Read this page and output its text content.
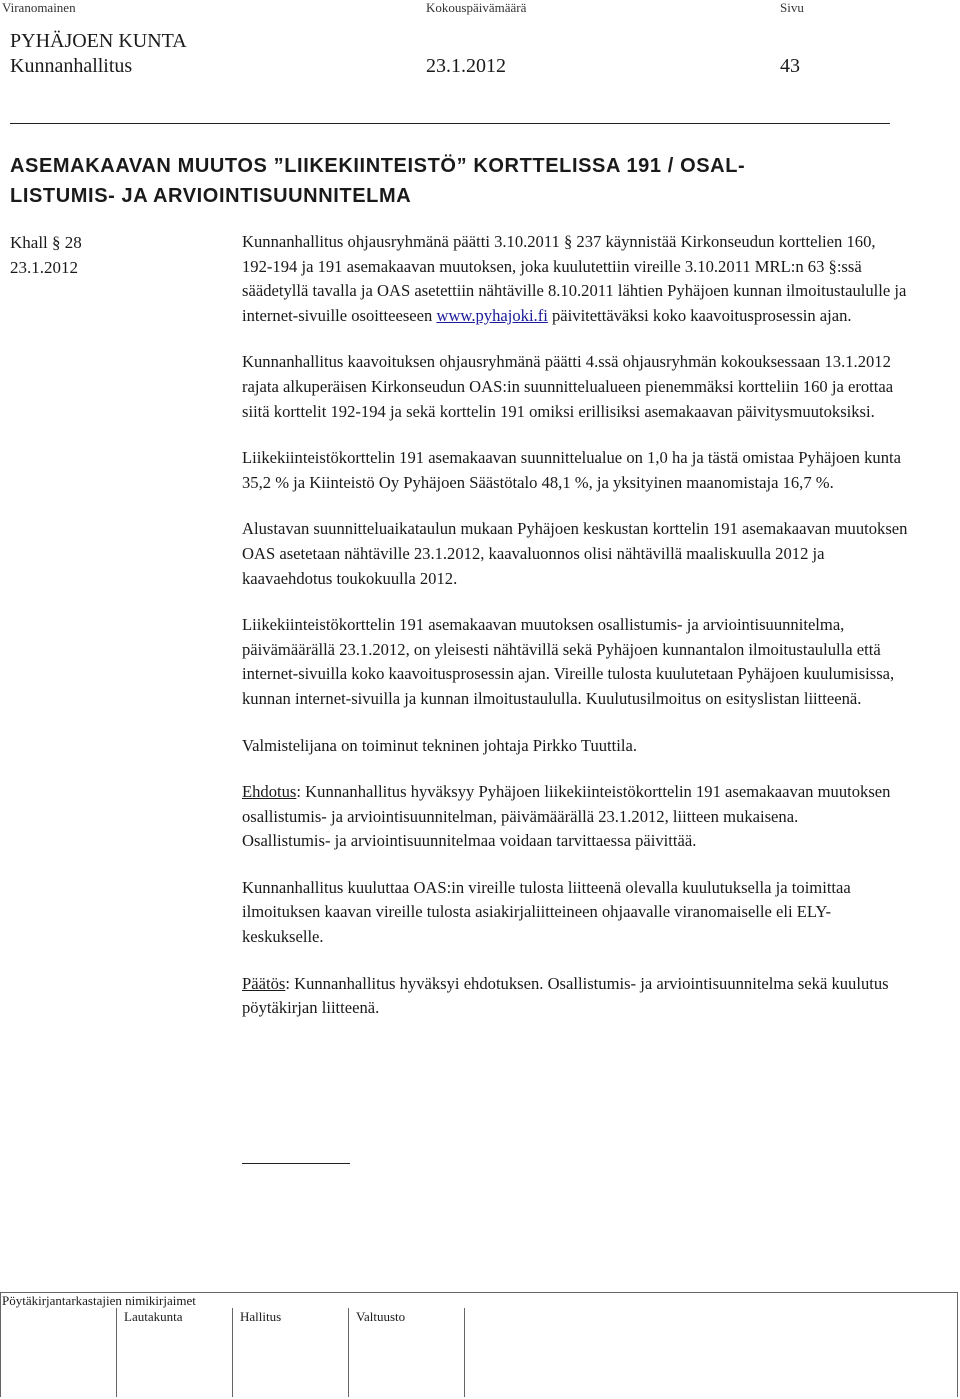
Viranomainen	Kokouspäivämäärä	Sivu
PYHÄJOEN KUNTA
Kunnanhallitus	23.1.2012	43
ASEMAKAAVAN MUUTOS ”LIIKEKIINTEISTÖ” KORTTELISSA 191 / OSAL-
LISTUMIS- JA ARVIOINTISUUNNITELMA
Khall § 28
23.1.2012

Kunnanhallitus ohjausryhmänä päätti 3.10.2011 § 237 käynnistää Kirkonseudun korttelien 160, 192-194 ja 191 asemakaavan muutoksen, joka kuulutettiin vireille 3.10.2011 MRL:n 63 §:ssä säädetyllä tavalla ja OAS asetettiin nähtäville 8.10.2011 lähtien Pyhäjoen kunnan ilmoitustaululle ja internet-sivuille osoitteeseen www.pyhajoki.fi päivitettäväksi koko kaavoitusprosessin ajan.

Kunnanhallitus kaavoituksen ohjausryhmänä päätti 4.ssä ohjausryhmän kokouksessaan 13.1.2012 rajata alkuperäisen Kirkonseudun OAS:in suunnittelualueen pienemmäksi kortteliin 160 ja erottaa siitä korttelit 192-194 ja sekä korttelin 191 omiksi erillisiksi asemakaavan päivitysmuutoksiksi.

Liikekiinteistökorttelin 191 asemakaavan suunnittelualue on 1,0 ha ja tästä omistaa Pyhäjoen kunta 35,2 % ja Kiinteistö Oy Pyhäjoen Säästötalo 48,1 %, ja yksityinen maanomistaja 16,7 %.

Alustavan suunnitteluaikataulun mukaan Pyhäjoen keskustan korttelin 191 asemakaavan muutoksen OAS asetetaan nähtäville 23.1.2012, kaavaluonnos olisi nähtävillä maaliskuulla 2012 ja kaavaehdotus toukokuulla 2012.

Liikekiinteistökorttelin 191 asemakaavan muutoksen osallistumis- ja arviointisuunnitelma, päivämäärällä 23.1.2012, on yleisesti nähtävillä sekä Pyhäjoen kunnantalon ilmoitustaululla että internet-sivuilla koko kaavoitusprosessin ajan. Vireille tulosta kuulutetaan Pyhäjoen kuulumisissa, kunnan internet-sivuilla ja kunnan ilmoitustaululla. Kuulutusilmoitus on esityslistan liitteenä.

Valmistelijana on toiminut tekninen johtaja Pirkko Tuuttila.

Ehdotus: Kunnanhallitus hyväksyy Pyhäjoen liikekiinteistökorttelin 191 asemakaavan muutoksen osallistumis- ja arviointisuunnitelman, päivämäärällä 23.1.2012, liitteen mukaisena.
Osallistumis- ja arviointisuunnitelmaa voidaan tarvittaessa päivittää.

Kunnanhallitus kuuluttaa OAS:in vireille tulosta liitteenä olevalla kuulutuksella ja toimittaa ilmoituksen kaavan vireille tulosta asiakirjaliitteineen ohjaavalle viranomaiselle eli ELY-keskukselle.

Päätös: Kunnanhallitus hyväksyi ehdotuksen. Osallistumis- ja arviointisuunnitelma sekä kuulutus pöytäkirjan liitteenä.

Pöytäkirjantarkastajien nimikirjaimet
Lautakunta	Hallitus	Valtuusto
